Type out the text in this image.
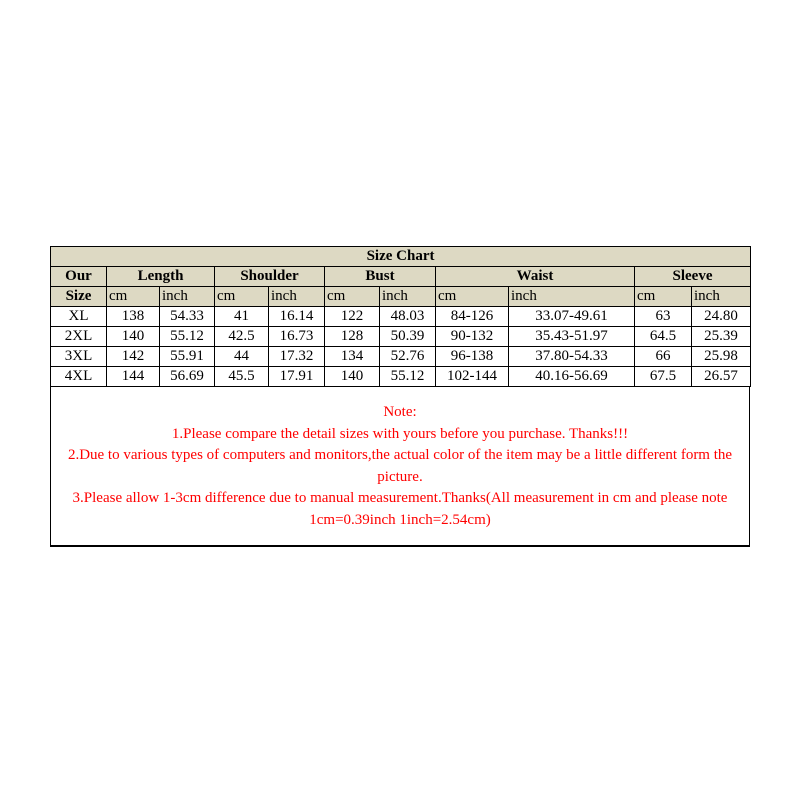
Size Chart										
Our	Length		Shoulder		Bust		Waist		Sleeve	
Size	cm	inch	cm	inch	cm	inch	cm	inch	cm	inch
XL	138	54.33	41	16.14	122	48.03	84-126	33.07-49.61	63	24.80
2XL	140	55.12	42.5	16.73	128	50.39	90-132	35.43-51.97	64.5	25.39
3XL	142	55.91	44	17.32	134	52.76	96-138	37.80-54.33	66	25.98
4XL	144	56.69	45.5	17.91	140	55.12	102-144	40.16-56.69	67.5	26.57
Note:
1.Please compare the detail sizes with yours before you purchase. Thanks!!!
2.Due to various types of computers and monitors,the actual color of the item may be a little different form the picture.
3.Please allow 1-3cm difference due to manual measurement.Thanks(All measurement in cm and please note 1cm=0.39inch 1inch=2.54cm)
